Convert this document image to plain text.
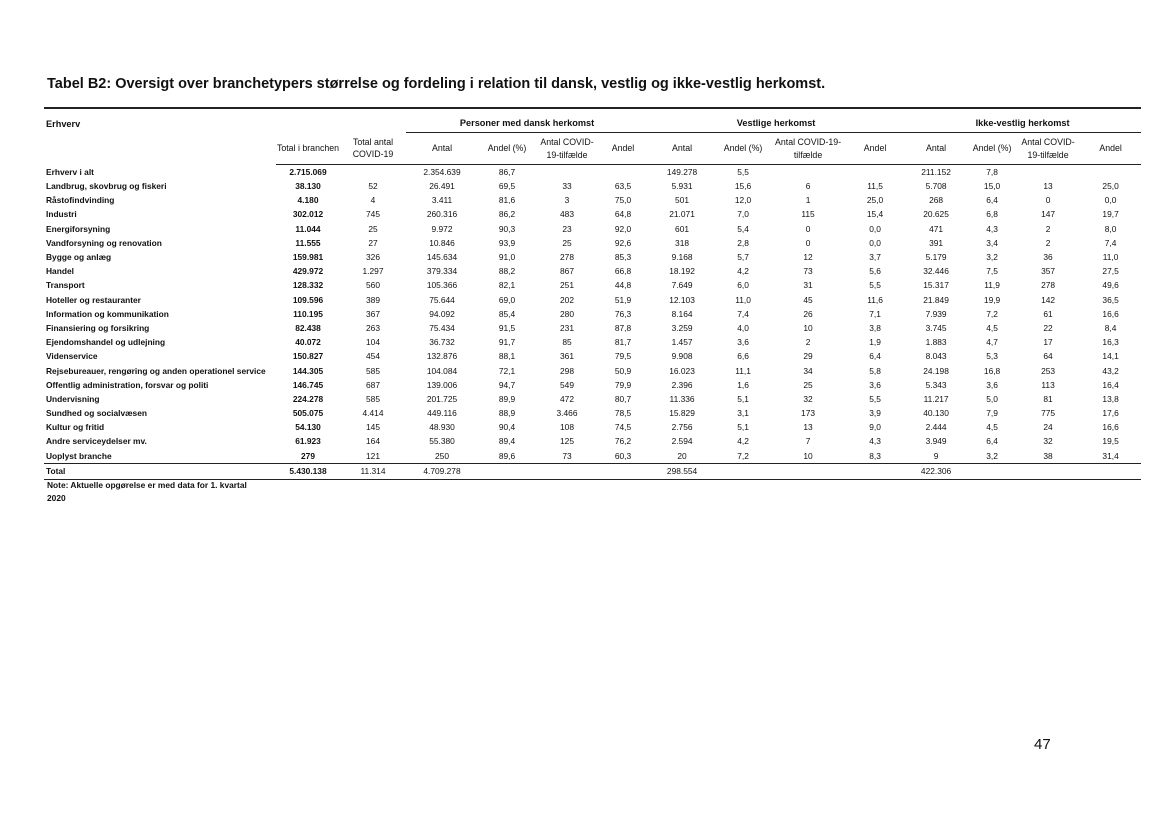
Tabel B2: Oversigt over branchetypers størrelse og fordeling i relation til dansk, vestlig og ikke-vestlig herkomst.
Erhverv			Personer med dansk herkomst				Vestlige herkomst				Ikke-vestlig herkomst			
	Total i branchen	Total antal COVID-19	Antal	Andel (%)	Antal COVID-19-tilfælde	Andel	Antal	Andel (%)	Antal COVID-19-tilfælde	Andel	Antal	Andel (%)	Antal COVID-19-tilfælde	Andel
Erhverv i alt	2.715.069		2.354.639	86,7			149.278	5,5			211.152	7,8		
Landbrug, skovbrug og fiskeri	38.130	52	26.491	69,5	33	63,5	5.931	15,6	6	11,5	5.708	15,0	13	25,0
Råstofindvinding	4.180	4	3.411	81,6	3	75,0	501	12,0	1	25,0	268	6,4	0	0,0
Industri	302.012	745	260.316	86,2	483	64,8	21.071	7,0	115	15,4	20.625	6,8	147	19,7
Energiforsyning	11.044	25	9.972	90,3	23	92,0	601	5,4	0	0,0	471	4,3	2	8,0
Vandforsyning og renovation	11.555	27	10.846	93,9	25	92,6	318	2,8	0	0,0	391	3,4	2	7,4
Bygge og anlæg	159.981	326	145.634	91,0	278	85,3	9.168	5,7	12	3,7	5.179	3,2	36	11,0
Handel	429.972	1.297	379.334	88,2	867	66,8	18.192	4,2	73	5,6	32.446	7,5	357	27,5
Transport	128.332	560	105.366	82,1	251	44,8	7.649	6,0	31	5,5	15.317	11,9	278	49,6
Hoteller og restauranter	109.596	389	75.644	69,0	202	51,9	12.103	11,0	45	11,6	21.849	19,9	142	36,5
Information og kommunikation	110.195	367	94.092	85,4	280	76,3	8.164	7,4	26	7,1	7.939	7,2	61	16,6
Finansiering og forsikring	82.438	263	75.434	91,5	231	87,8	3.259	4,0	10	3,8	3.745	4,5	22	8,4
Ejendomshandel og udlejning	40.072	104	36.732	91,7	85	81,7	1.457	3,6	2	1,9	1.883	4,7	17	16,3
Videnservice	150.827	454	132.876	88,1	361	79,5	9.908	6,6	29	6,4	8.043	5,3	64	14,1
Rejsebureauer, rengøring og anden operationel service	144.305	585	104.084	72,1	298	50,9	16.023	11,1	34	5,8	24.198	16,8	253	43,2
Offentlig administration, forsvar og politi	146.745	687	139.006	94,7	549	79,9	2.396	1,6	25	3,6	5.343	3,6	113	16,4
Undervisning	224.278	585	201.725	89,9	472	80,7	11.336	5,1	32	5,5	11.217	5,0	81	13,8
Sundhed og socialvæsen	505.075	4.414	449.116	88,9	3.466	78,5	15.829	3,1	173	3,9	40.130	7,9	775	17,6
Kultur og fritid	54.130	145	48.930	90,4	108	74,5	2.756	5,1	13	9,0	2.444	4,5	24	16,6
Andre serviceydelser mv.	61.923	164	55.380	89,4	125	76,2	2.594	4,2	7	4,3	3.949	6,4	32	19,5
Uoplyst branche	279	121	250	89,6	73	60,3	20	7,2	10	8,3	9	3,2	38	31,4
Total	5.430.138	11.314	4.709.278				298.554				422.306			
Note: Aktuelle opgørelse er med data for 1. kvartal 2020
47
